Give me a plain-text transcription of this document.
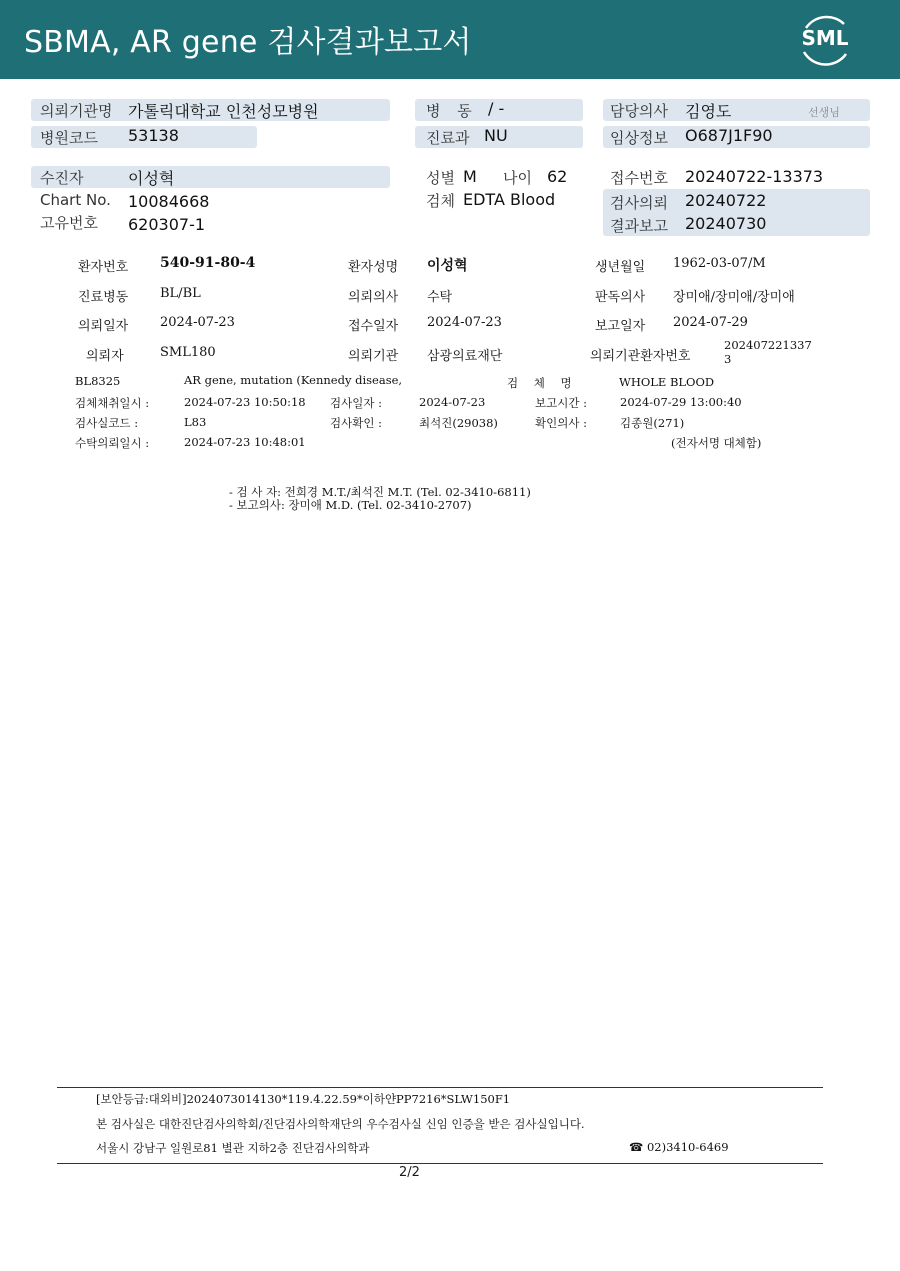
SBMA, AR gene 검사결과보고서	SML
의뢰기관명 가톨릭대학교 인천성모병원
병원코드 53138
병 동 / -
진료과 NU
담당의사 김영도	선생님
임상정보 O687J1F90
수진자	이성혁
Chart No. 10084668
고유번호 620307-1
성별 M 나이 62
검체 EDTA Blood
접수번호 20240722-13373
검사의뢰 20240722
결과보고 20240730
환자번호 540-91-80-4	환자성명 이성혁	생년월일 1962-03-07/M
진료병동 BL/BL	의뢰의사 수탁	판독의사 장미애/장미애/장미애
의뢰일자 2024-07-23	접수일자 2024-07-23	보고일자 2024-07-29
의뢰자	SML180	의뢰기관 삼광의료재단	의뢰기관환자번호
202407221337
3
BL8325	AR gene, mutation (Kennedy disease,	검 체 명	WHOLE BLOOD
검체채취일시 :	2024-07-23 10:50:18 검사일자 :	2024-07-23	보고시간 :	2024-07-29 13:00:40
검사실코드 :	L83	검사확인 :	최석진(29038)	확인의사 :	김종원(271)
수탁의뢰일시 :	2024-07-23 10:48:01	(전자서명 대체함)
- 검 사 자: 전희경 M.T./최석진 M.T. (Tel. 02-3410-6811)
- 보고의사: 장미애 M.D. (Tel. 02-3410-2707)
[보안등급:대외비]2024073014130*119.4.22.59*이하얀PP7216*SLW150F1
본 검사실은 대한진단검사의학회/진단검사의학재단의 우수검사실 신임 인증을 받은 검사실입니다.
서울시 강남구 일원로81 별관 지하2층 진단검사의학과	☎ 02)3410-6469
2/2
